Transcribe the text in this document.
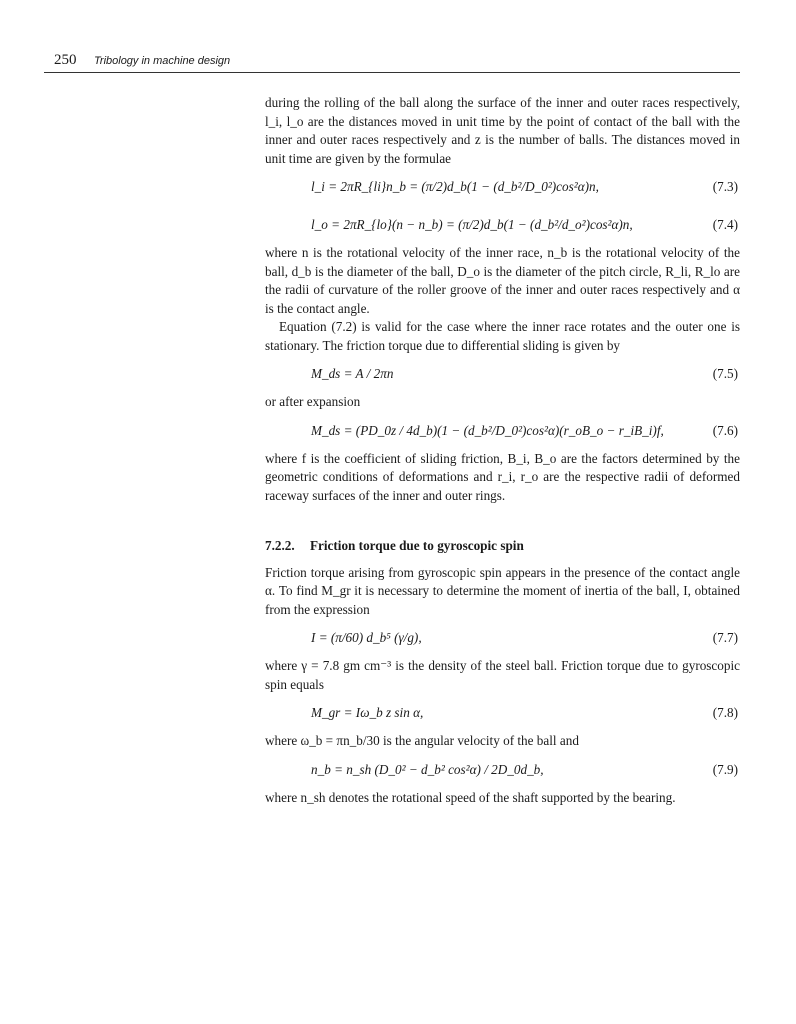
250 Tribology in machine design

during the rolling of the ball along the surface of the inner and outer races respectively, l_i, l_o are the distances moved in unit time by the point of contact of the ball with the inner and outer races respectively and z is the number of balls. The distances moved in unit time are given by the formulae

l_i = 2πR_{li}n_b = (π/2)d_b(1 − (d_b²/D_0²)cos²α)n,	(7.3)
l_o = 2πR_{lo}(n − n_b) = (π/2)d_b(1 − (d_b²/d_o²)cos²α)n,	(7.4)

where n is the rotational velocity of the inner race, n_b is the rotational velocity of the ball, d_b is the diameter of the ball, D_o is the diameter of the pitch circle, R_li, R_lo are the radii of curvature of the roller groove of the inner and outer races respectively and α is the contact angle.

Equation (7.2) is valid for the case where the inner race rotates and the outer one is stationary. The friction torque due to differential sliding is given by

M_ds = A / 2πn	(7.5)

or after expansion

M_ds = (PD_0z / 4d_b)(1 − (d_b²/D_0²)cos²α)(r_oB_o − r_iB_i)f,	(7.6)

where f is the coefficient of sliding friction, B_i, B_o are the factors determined by the geometric conditions of deformations and r_i, r_o are the respective radii of deformed raceway surfaces of the inner and outer rings.

7.2.2. Friction torque due to gyroscopic spin

Friction torque arising from gyroscopic spin appears in the presence of the contact angle α. To find M_gr it is necessary to determine the moment of inertia of the ball, I, obtained from the expression

I = (π/60) d_b⁵ (γ/g),	(7.7)

where γ = 7.8 gm cm⁻³ is the density of the steel ball. Friction torque due to gyroscopic spin equals

M_gr = Iω_b z sin α,	(7.8)

where ω_b = πn_b/30 is the angular velocity of the ball and

n_b = n_sh (D_0² − d_b² cos²α) / 2D_0d_b,	(7.9)

where n_sh denotes the rotational speed of the shaft supported by the bearing.
